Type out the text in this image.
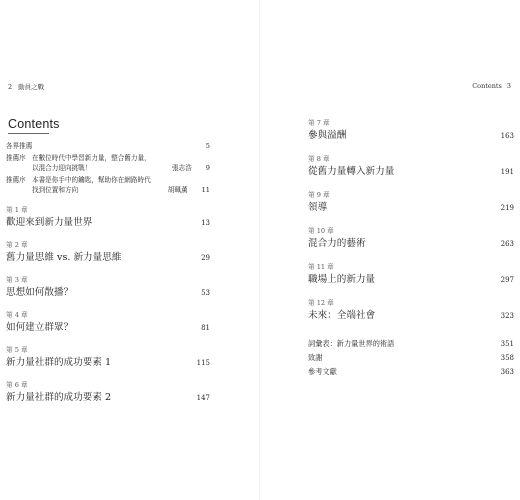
2 動員之戰	Contents 3
Contents
各界推薦	5
推薦序 在數位時代中學習新力量，整合舊力量，
以混合力迎向挑戰！	張志浩 9
推薦序 本書是你手中的鑰匙，幫助你在網路時代
找到位置和方向	胡珮薰 11
第 1 章
歡迎來到新力量世界	13
第 2 章
舊力量思維 vs. 新力量思維	29
第 3 章
思想如何散播？	53
第 4 章
如何建立群眾？	81
第 5 章
新力量社群的成功要素 1	115
第 6 章
新力量社群的成功要素 2	147
第 7 章
參與溢酬	163
第 8 章
從舊力量轉入新力量	191
第 9 章
領導	219
第 10 章
混合力的藝術	263
第 11 章
職場上的新力量	297
第 12 章
未來：全端社會	323
詞彙表：新力量世界的術語	351
致謝	358
參考文獻	363
